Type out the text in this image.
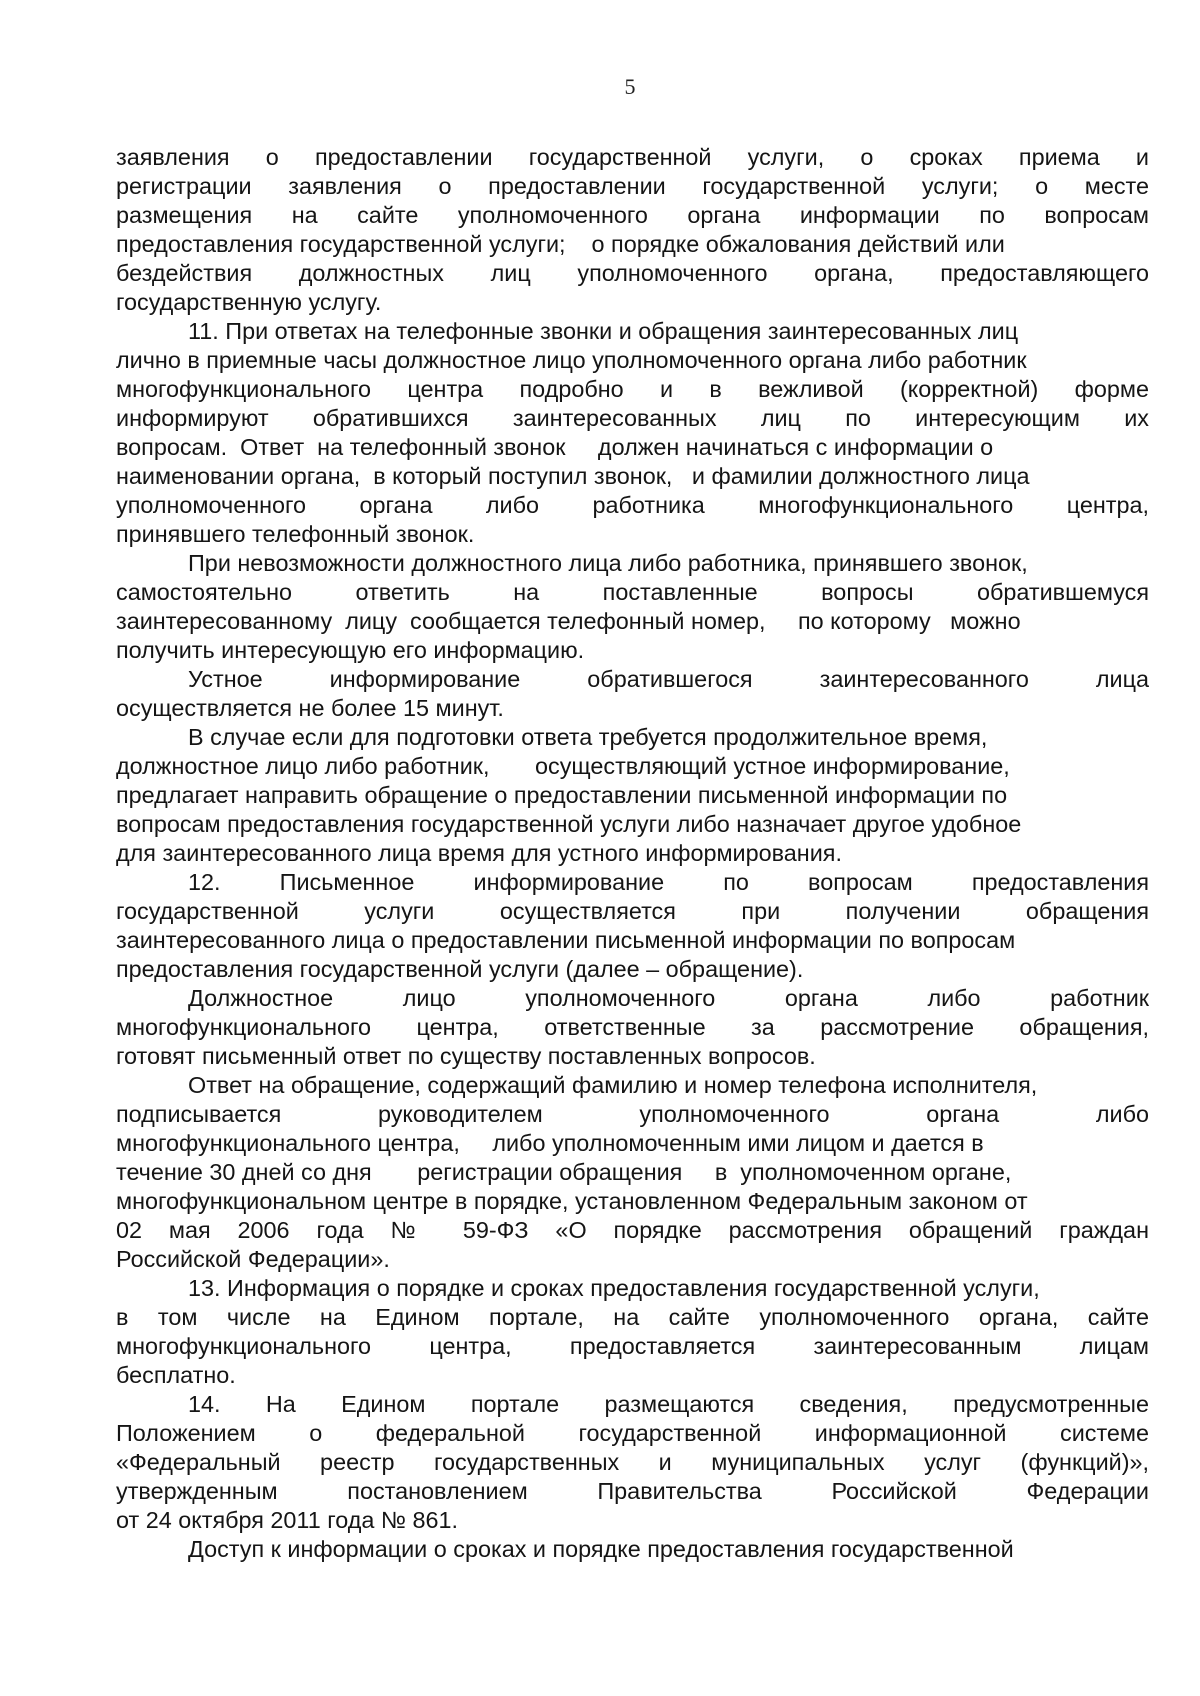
5
заявления о предоставлении государственной услуги, о сроках приема и
регистрации заявления о предоставлении государственной услуги; о месте
размещения на сайте уполномоченного органа информации по вопросам
предоставления государственной услуги;    о порядке обжалования действий или
бездействия должностных лиц уполномоченного органа, предоставляющего
государственную услугу.
11. При ответах на телефонные звонки и обращения заинтересованных лиц
лично в приемные часы должностное лицо уполномоченного органа либо работник
многофункционального центра подробно и в вежливой (корректной) форме
информируют обратившихся заинтересованных лиц по интересующим их
вопросам.  Ответ  на телефонный звонок     должен начинаться с информации о
наименовании органа,  в который поступил звонок,   и фамилии должностного лица
уполномоченного органа либо работника многофункционального центра,
принявшего телефонный звонок.
При невозможности должностного лица либо работника, принявшего звонок,
самостоятельно ответить на поставленные вопросы обратившемуся
заинтересованному  лицу  сообщается телефонный номер,     по которому   можно
получить интересующую его информацию.
Устное информирование обратившегося заинтересованного лица
осуществляется не более 15 минут.
В случае если для подготовки ответа требуется продолжительное время,
должностное лицо либо работник,       осуществляющий устное информирование,
предлагает направить обращение о предоставлении письменной информации по
вопросам предоставления государственной услуги либо назначает другое удобное
для заинтересованного лица время для устного информирования.
12. Письменное информирование по вопросам предоставления
государственной услуги осуществляется при получении обращения
заинтересованного лица о предоставлении письменной информации по вопросам
предоставления государственной услуги (далее – обращение).
Должностное лицо уполномоченного органа либо работник
многофункционального центра, ответственные за рассмотрение обращения,
готовят письменный ответ по существу поставленных вопросов.
Ответ на обращение, содержащий фамилию и номер телефона исполнителя,
подписывается руководителем уполномоченного органа либо
многофункционального центра,     либо уполномоченным ими лицом и дается в
течение 30 дней со дня       регистрации обращения     в  уполномоченном органе,
многофункциональном центре в порядке, установленном Федеральным законом от
02 мая 2006 года № 59-ФЗ «О порядке рассмотрения обращений граждан
Российской Федерации».
13. Информация о порядке и сроках предоставления государственной услуги,
в том числе на Едином портале, на сайте уполномоченного органа, сайте
многофункционального центра, предоставляется заинтересованным лицам
бесплатно.
14. На Едином портале размещаются сведения, предусмотренные
Положением о федеральной государственной информационной системе
«Федеральный реестр государственных и муниципальных услуг (функций)»,
утвержденным постановлением Правительства Российской Федерации
от 24 октября 2011 года № 861.
Доступ к информации о сроках и порядке предоставления государственной
